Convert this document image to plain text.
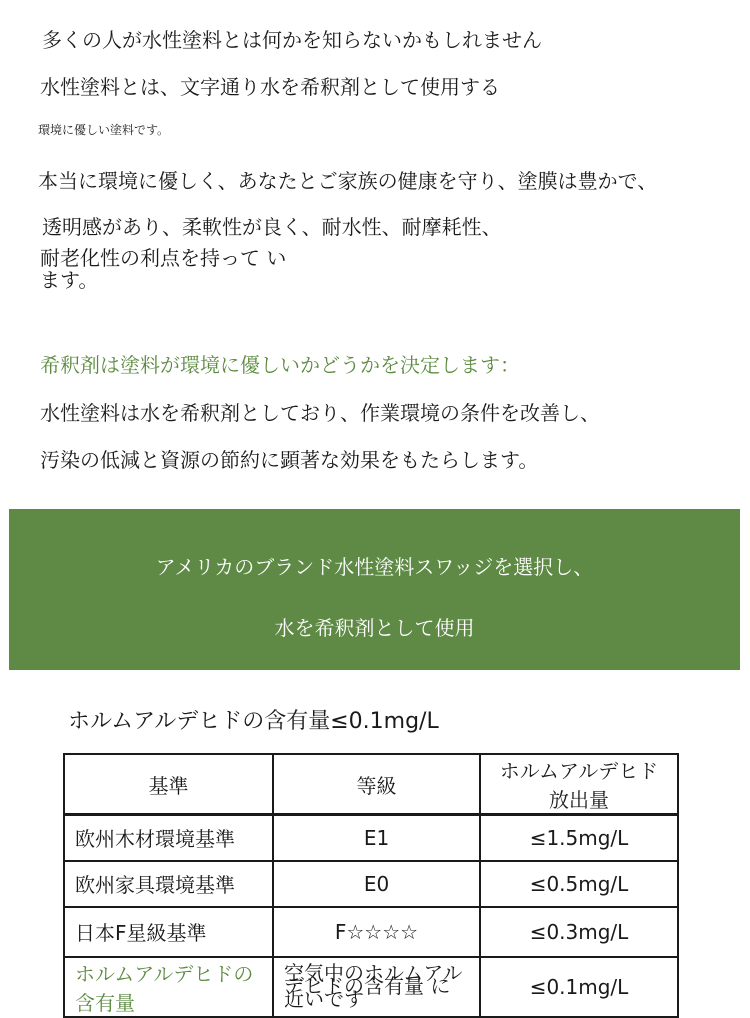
多くの人が水性塗料とは何かを知らないかもしれません
水性塗料とは、文字通り水を希釈剤として使用する
環境に優しい塗料です。
本当に環境に優しく、あなたとご家族の健康を守り、塗膜は豊かで、
透明感があり、柔軟性が良く、耐水性、耐摩耗性、
耐老化性の利点を持って います。
希釈剤は塗料が環境に優しいかどうかを決定します：
水性塗料は水を希釈剤としており、作業環境の条件を改善し、
汚染の低減と資源の節約に顕著な効果をもたらします。
アメリカのブランド水性塗料スワッジを選択し、
水を希釈剤として使用
ホルムアルデヒドの含有量≤0.1mg/L
基準	等級	ホルムアルデヒド放出量
欧州木材環境基準	E1	≤1.5mg/L
欧州家具環境基準	E0	≤0.5mg/L
日本F星級基準	F☆☆☆☆	≤0.3mg/L
ホルムアルデヒドの含有量	空気中のホルムアルデヒドの含有量 に近いです	≤0.1mg/L
